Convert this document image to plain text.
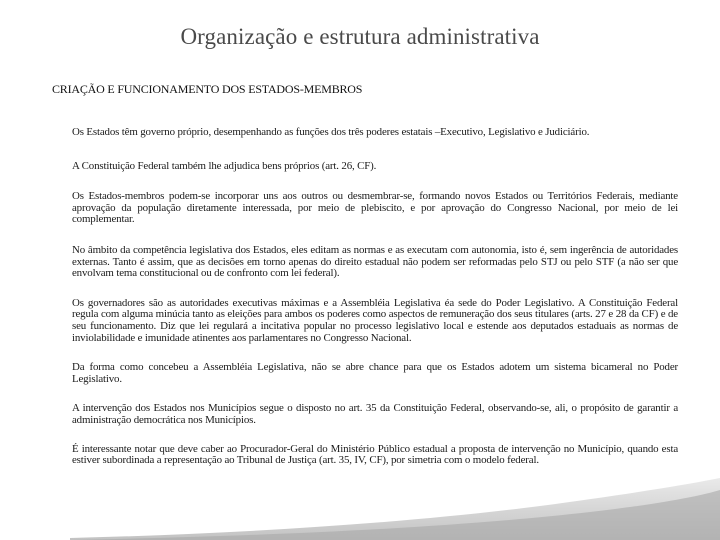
Organização e estrutura administrativa
CRIAÇÃO E FUNCIONAMENTO DOS ESTADOS-MEMBROS

Os Estados têm governo próprio, desempenhando as funções dos três poderes estatais –Executivo, Legislativo e Judiciário.

A Constituição Federal também lhe adjudica bens próprios (art. 26, CF).

Os Estados-membros podem-se incorporar uns aos outros ou desmembrar-se, formando novos Estados ou Territórios Federais, mediante aprovação da população diretamente interessada, por meio de plebiscito, e por aprovação do Congresso Nacional, por meio de lei complementar.

No âmbito da competência legislativa dos Estados, eles editam as normas e as executam com autonomia, isto é, sem ingerência de autoridades externas. Tanto é assim, que as decisões em torno apenas do direito estadual não podem ser reformadas pelo STJ ou pelo STF (a não ser que envolvam tema constitucional ou de confronto com lei federal).

Os governadores são as autoridades executivas máximas e a Assembléia Legislativa éa sede do Poder Legislativo. A Constituição Federal regula com alguma minúcia tanto as eleições para ambos os poderes como aspectos de remuneração dos seus titulares (arts. 27 e 28 da CF) e de seu funcionamento. Diz que lei regulará a incitativa popular no processo legislativo local e estende aos deputados estaduais as normas de inviolabilidade e imunidade atinentes aos parlamentares no Congresso Nacional.

Da forma como concebeu a Assembléia Legislativa, não se abre chance para que os Estados adotem um sistema bicameral no Poder Legislativo.

A intervenção dos Estados nos Municípios segue o disposto no art. 35 da Constituição Federal, observando-se, ali, o propósito de garantir a administração democrática nos Municípios.

É interessante notar que deve caber ao Procurador-Geral do Ministério Público estadual a proposta de intervenção no Município, quando esta estiver subordinada a representação ao Tribunal de Justiça (art. 35, IV, CF), por simetria com o modelo federal.
